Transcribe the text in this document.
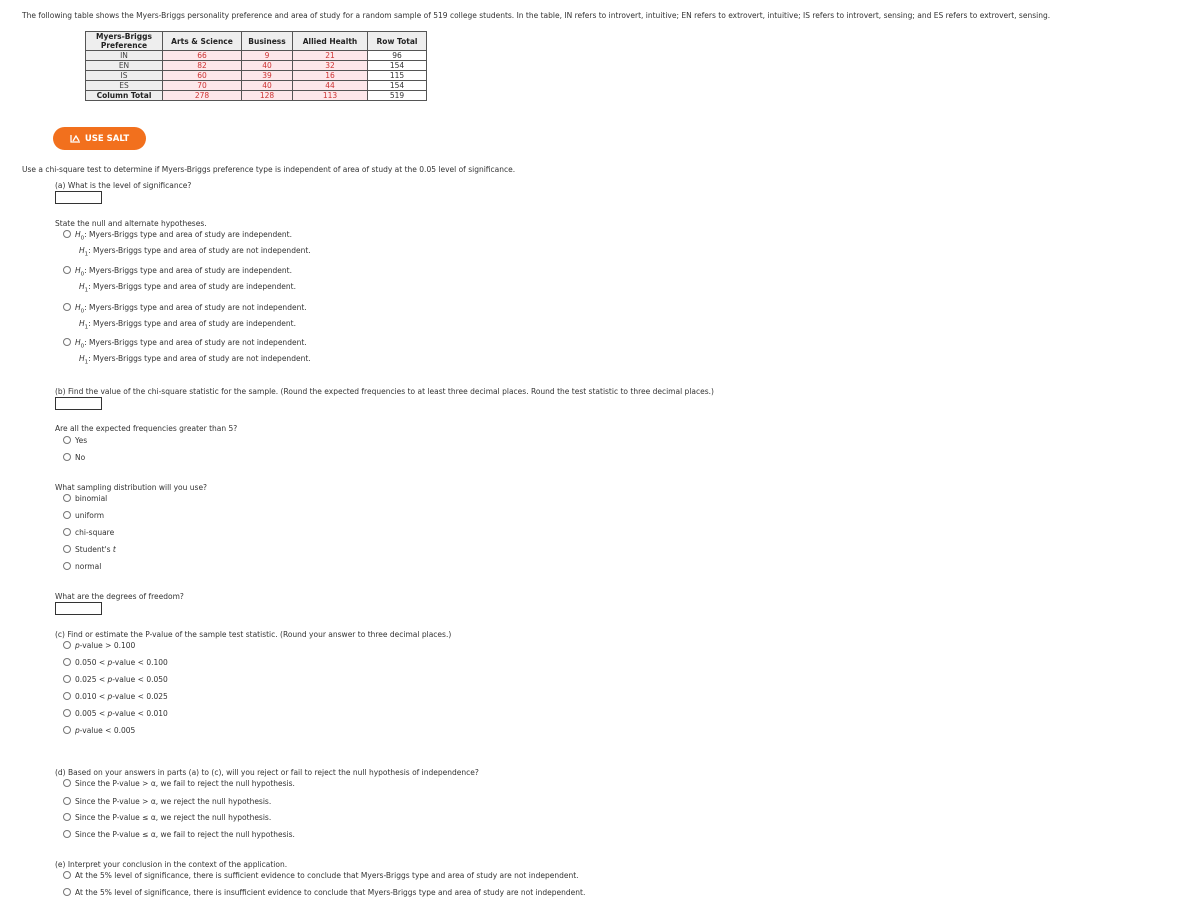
The following table shows the Myers-Briggs personality preference and area of study for a random sample of 519 college students. In the table, IN refers to introvert, intuitive; EN refers to extrovert, intuitive; IS refers to introvert, sensing; and ES refers to extrovert, sensing.
Myers-Briggs
Preference	Arts & Science	Business	Allied Health	Row Total
IN	66	9	21	96
EN	82	40	32	154
IS	60	39	16	115
ES	70	40	44	154
Column Total	278	128	113	519
USE SALT
Use a chi-square test to determine if Myers-Briggs preference type is independent of area of study at the 0.05 level of significance.
(a) What is the level of significance?
State the null and alternate hypotheses.
$H_0$: Myers-Briggs type and area of study are independent.
$H_1$: Myers-Briggs type and area of study are not independent.
$H_0$: Myers-Briggs type and area of study are independent.
$H_1$: Myers-Briggs type and area of study are independent.
$H_0$: Myers-Briggs type and area of study are not independent.
$H_1$: Myers-Briggs type and area of study are independent.
$H_0$: Myers-Briggs type and area of study are not independent.
$H_1$: Myers-Briggs type and area of study are not independent.
(b) Find the value of the chi-square statistic for the sample. (Round the expected frequencies to at least three decimal places. Round the test statistic to three decimal places.)
Are all the expected frequencies greater than 5?
Yes
No
What sampling distribution will you use?
binomial
uniform
chi-square
Student's t
normal
What are the degrees of freedom?
(c) Find or estimate the P-value of the sample test statistic. (Round your answer to three decimal places.)
p-value > 0.100
0.050 < p-value < 0.100
0.025 < p-value < 0.050
0.010 < p-value < 0.025
0.005 < p-value < 0.010
p-value < 0.005
(d) Based on your answers in parts (a) to (c), will you reject or fail to reject the null hypothesis of independence?
Since the P-value > α, we fail to reject the null hypothesis.
Since the P-value > α, we reject the null hypothesis.
Since the P-value ≤ α, we reject the null hypothesis.
Since the P-value ≤ α, we fail to reject the null hypothesis.
(e) Interpret your conclusion in the context of the application.
At the 5% level of significance, there is sufficient evidence to conclude that Myers-Briggs type and area of study are not independent.
At the 5% level of significance, there is insufficient evidence to conclude that Myers-Briggs type and area of study are not independent.
